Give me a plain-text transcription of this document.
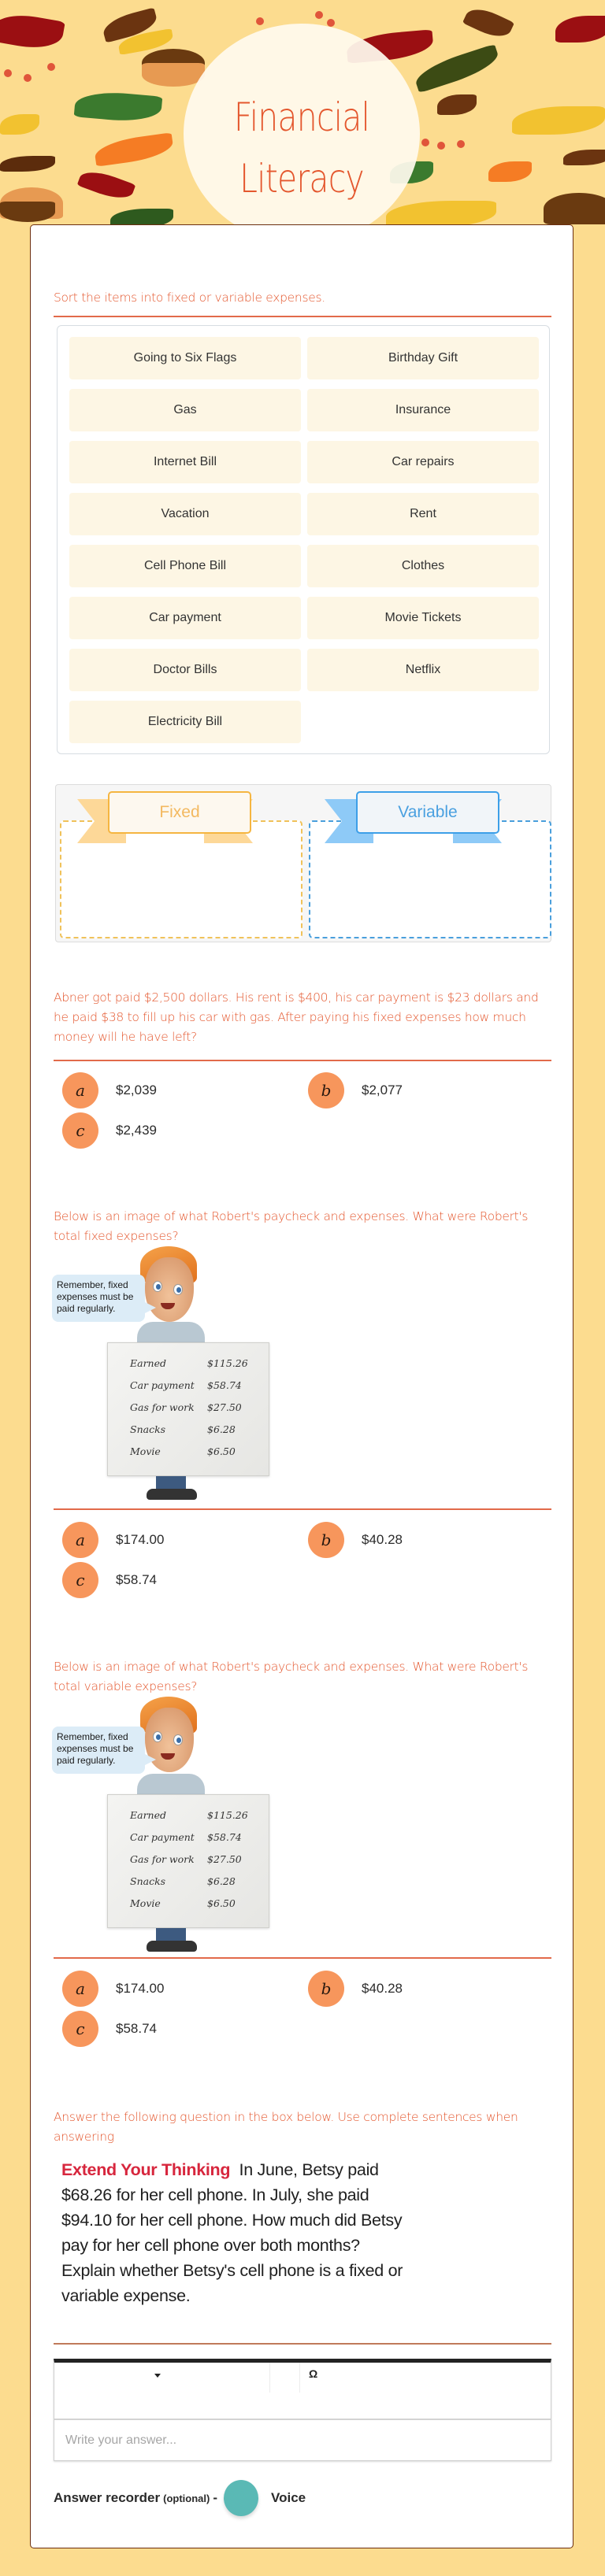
Financial
Literacy
Sort the items into fixed or variable expenses.
Going to Six Flags	Birthday Gift
Gas	Insurance
Internet Bill	Car repairs
Vacation	Rent
Cell Phone Bill	Clothes
Car payment	Movie Tickets
Doctor Bills	Netflix
Electricity Bill
Fixed	Variable
Abner got paid $2,500 dollars. His rent is $400, his car payment is $23 dollars and he paid $38 to fill up his car with gas. After paying his fixed expenses how much money will he have left?
a	$2,039	b	$2,077
c	$2,439
Below is an image of what Robert's paycheck and expenses. What were Robert's total fixed expenses?
Remember, fixed expenses must be paid regularly.
Earned	$115.26
Car payment	$58.74
Gas for work	$27.50
Snacks	$6.28
Movie	$6.50
a	$174.00	b	$40.28
c	$58.74
Below is an image of what Robert's paycheck and expenses. What were Robert's total variable expenses?
Remember, fixed expenses must be paid regularly.
Earned	$115.26
Car payment	$58.74
Gas for work	$27.50
Snacks	$6.28
Movie	$6.50
a	$174.00	b	$40.28
c	$58.74
Answer the following question in the box below. Use complete sentences when answering
Extend Your Thinking In June, Betsy paid $68.26 for her cell phone. In July, she paid $94.10 for her cell phone. How much did Betsy pay for her cell phone over both months? Explain whether Betsy's cell phone is a fixed or variable expense.
Ω
Write your answer...
Answer recorder (optional) -	Voice
